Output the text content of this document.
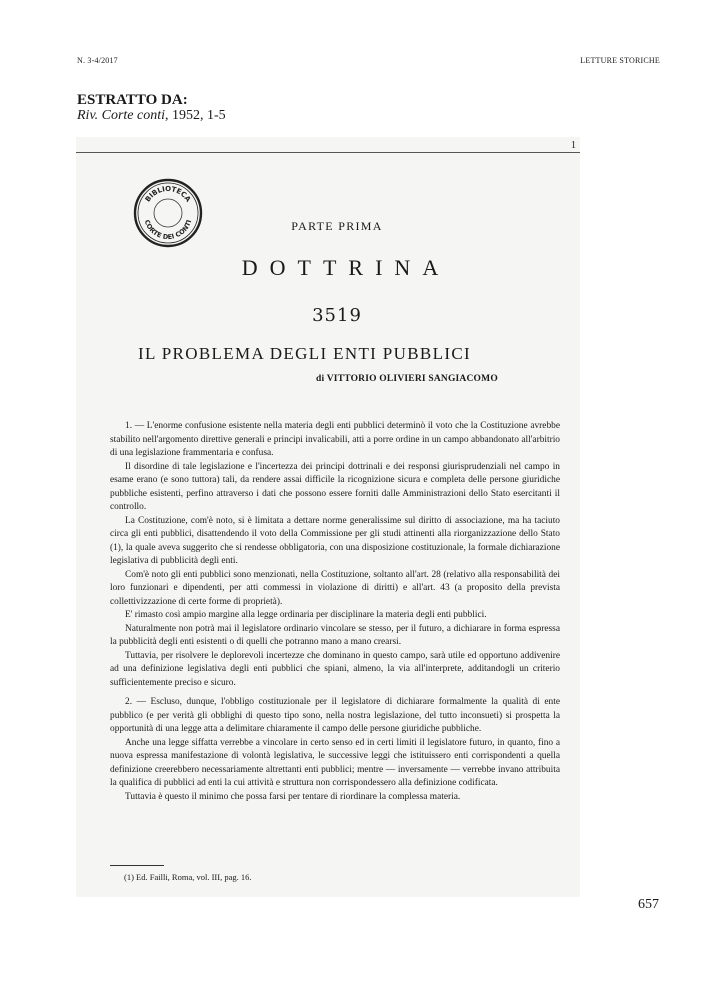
N. 3-4/2017	LETTURE STORICHE
ESTRATTO DA:
Riv. Corte conti, 1952, 1-5
1
BIBLIOTECA
CORTE DEI CONTI	PARTE PRIMA
DOTTRINA
3519
IL PROBLEMA DEGLI ENTI PUBBLICI
di VITTORIO OLIVIERI SANGIACOMO

1. — L'enorme confusione esistente nella materia degli enti pubblici determinò il voto che la Costituzione avrebbe stabilito nell'argomento direttive generali e principi invalicabili, atti a porre ordine in un campo abbandonato all'arbitrio di una legislazione frammentaria e confusa.

Il disordine di tale legislazione e l'incertezza dei principi dottrinali e dei responsi giurisprudenziali nel campo in esame erano (e sono tuttora) tali, da rendere assai difficile la ricognizione sicura e completa delle persone giuridiche pubbliche esistenti, perfino attraverso i dati che possono essere forniti dalle Amministrazioni dello Stato esercitanti il controllo.

La Costituzione, com'è noto, si è limitata a dettare norme generalissime sul diritto di associazione, ma ha taciuto circa gli enti pubblici, disattendendo il voto della Commissione per gli studi attinenti alla riorganizzazione dello Stato (1), la quale aveva suggerito che si rendesse obbligatoria, con una disposizione costituzionale, la formale dichiarazione legislativa di pubblicità degli enti.

Com'è noto gli enti pubblici sono menzionati, nella Costituzione, soltanto all'art. 28 (relativo alla responsabilità dei loro funzionari e dipendenti, per atti commessi in violazione di diritti) e all'art. 43 (a proposito della prevista collettivizzazione di certe forme di proprietà).

E' rimasto così ampio margine alla legge ordinaria per disciplinare la materia degli enti pubblici.

Naturalmente non potrà mai il legislatore ordinario vincolare se stesso, per il futuro, a dichiarare in forma espressa la pubblicità degli enti esistenti o di quelli che potranno mano a mano crearsi.

Tuttavia, per risolvere le deplorevoli incertezze che dominano in questo campo, sarà utile ed opportuno addivenire ad una definizione legislativa degli enti pubblici che spiani, almeno, la via all'interprete, additandogli un criterio sufficientemente preciso e sicuro.

2. — Escluso, dunque, l'obbligo costituzionale per il legislatore di dichiarare formalmente la qualità di ente pubblico (e per verità gli obblighi di questo tipo sono, nella nostra legislazione, del tutto inconsueti) si prospetta la opportunità di una legge atta a delimitare chiaramente il campo delle persone giuridiche pubbliche.

Anche una legge siffatta verrebbe a vincolare in certo senso ed in certi limiti il legislatore futuro, in quanto, fino a nuova espressa manifestazione di volontà legislativa, le successive leggi che istituissero enti corrispondenti a quella definizione creerebbero necessariamente altrettanti enti pubblici; mentre — inversamente — verrebbe invano attribuita la qualifica di pubblici ad enti la cui attività e struttura non corrispondessero alla definizione codificata.

Tuttavia è questo il minimo che possa farsi per tentare di riordinare la complessa materia.

(1) Ed. Failli, Roma, vol. III, pag. 16.
657
